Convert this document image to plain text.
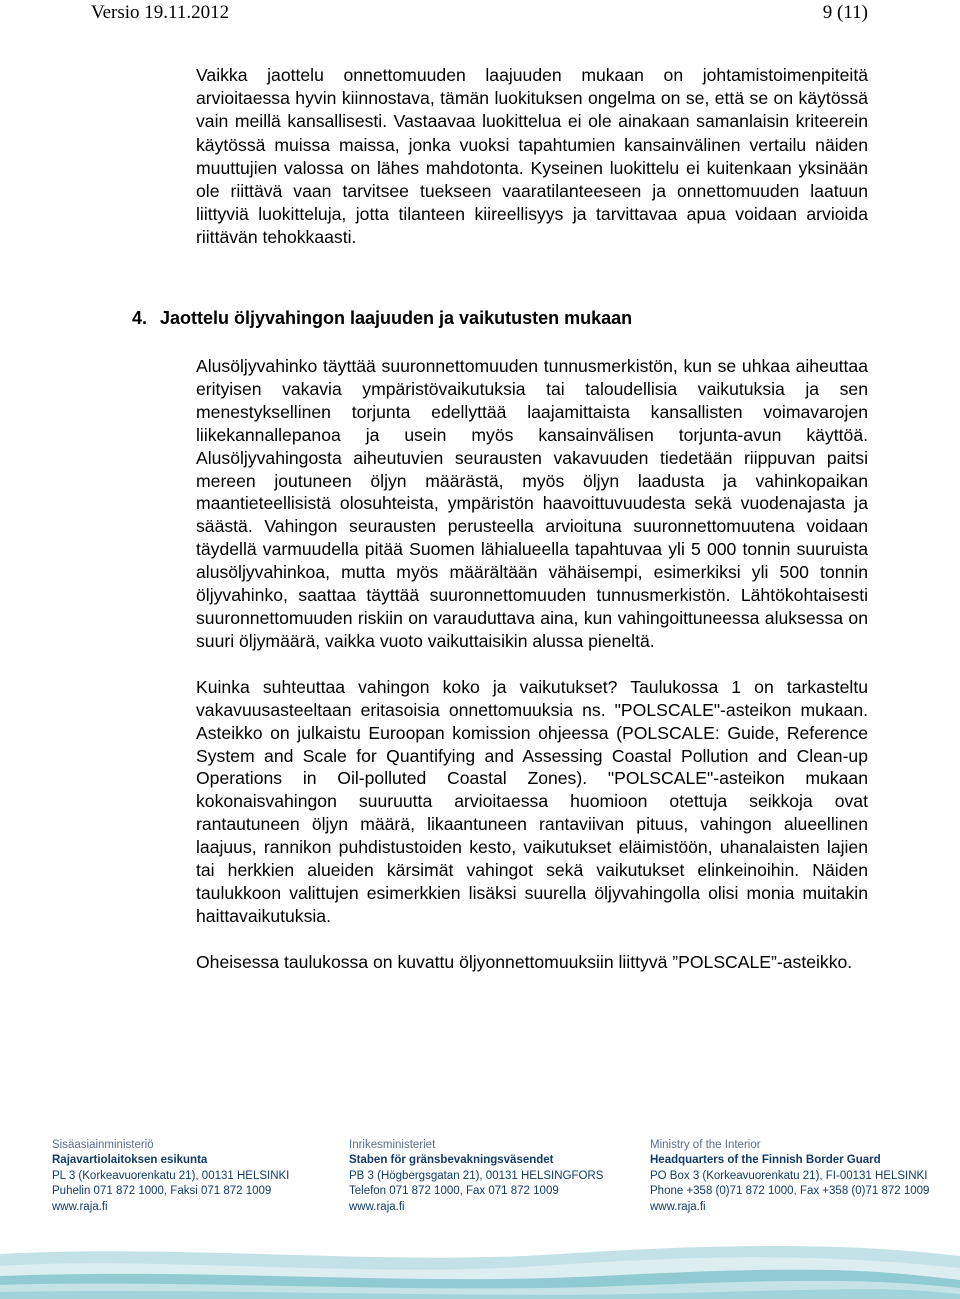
Versio 19.11.2012	9 (11)

Vaikka jaottelu onnettomuuden laajuuden mukaan on johtamistoimenpiteitä arvioitaessa hyvin kiinnostava, tämän luokituksen ongelma on se, että se on käytössä vain meillä kansallisesti. Vastaavaa luokittelua ei ole ainakaan samanlaisin kriteerein käytössä muissa maissa, jonka vuoksi tapahtumien kansainvälinen vertailu näiden muuttujien valossa on lähes mahdotonta. Kyseinen luokittelu ei kuitenkaan yksinään ole riittävä vaan tarvitsee tuekseen vaaratilanteeseen ja onnettomuuden laatuun liittyviä luokitteluja, jotta tilanteen kiireellisyys ja tarvittavaa apua voidaan arvioida riittävän tehokkaasti.

4. Jaottelu öljyvahingon laajuuden ja vaikutusten mukaan

Alusöljyvahinko täyttää suuronnettomuuden tunnusmerkistön, kun se uhkaa aiheuttaa erityisen vakavia ympäristövaikutuksia tai taloudellisia vaikutuksia ja sen menestyksellinen torjunta edellyttää laajamittaista kansallisten voimavarojen liikekannallepanoa ja usein myös kansainvälisen torjunta-avun käyttöä. Alusöljyvahingosta aiheutuvien seurausten vakavuuden tiedetään riippuvan paitsi mereen joutuneen öljyn määrästä, myös öljyn laadusta ja vahinkopaikan maantieteellisistä olosuhteista, ympäristön haavoittuvuudesta sekä vuodenajasta ja säästä. Vahingon seurausten perusteella arvioituna suuronnettomuutena voidaan täydellä varmuudella pitää Suomen lähialueella tapahtuvaa yli 5 000 tonnin suuruista alusöljyvahinkoa, mutta myös määrältään vähäisempi, esimerkiksi yli 500 tonnin öljyvahinko, saattaa täyttää suuronnettomuuden tunnusmerkistön. Lähtökohtaisesti suuronnettomuuden riskiin on varauduttava aina, kun vahingoittuneessa aluksessa on suuri öljymäärä, vaikka vuoto vaikuttaisikin alussa pieneltä.

Kuinka suhteuttaa vahingon koko ja vaikutukset? Taulukossa 1 on tarkasteltu vakavuusasteeltaan eritasoisia onnettomuuksia ns. "POLSCALE"-asteikon mukaan. Asteikko on julkaistu Euroopan komission ohjeessa (POLSCALE: Guide, Reference System and Scale for Quantifying and Assessing Coastal Pollution and Clean-up Operations in Oil-polluted Coastal Zones). "POLSCALE"-asteikon mukaan kokonaisvahingon suuruutta arvioitaessa huomioon otettuja seikkoja ovat rantautuneen öljyn määrä, likaantuneen rantaviivan pituus, vahingon alueellinen laajuus, rannikon puhdistustoiden kesto, vaikutukset eläimistöön, uhanalaisten lajien tai herkkien alueiden kärsimät vahingot sekä vaikutukset elinkeinoihin. Näiden taulukkoon valittujen esimerkkien lisäksi suurella öljyvahingolla olisi monia muitakin haittavaikutuksia.

Oheisessa taulukossa on kuvattu öljyonnettomuuksiin liittyvä ”POLSCALE”-asteikko.

Sisäasiainministeriö
Rajavartiolaitoksen esikunta
PL 3 (Korkeavuorenkatu 21), 00131 HELSINKI
Puhelin 071 872 1000, Faksi 071 872 1009
www.raja.fi
Inrikesministeriet
Staben för gränsbevakningsväsendet
PB 3 (Högbergsgatan 21), 00131 HELSINGFORS
Telefon 071 872 1000, Fax 071 872 1009
www.raja.fi
Ministry of the Interior
Headquarters of the Finnish Border Guard
PO Box 3 (Korkeavuorenkatu 21), FI-00131 HELSINKI
Phone +358 (0)71 872 1000, Fax +358 (0)71 872 1009
www.raja.fi
